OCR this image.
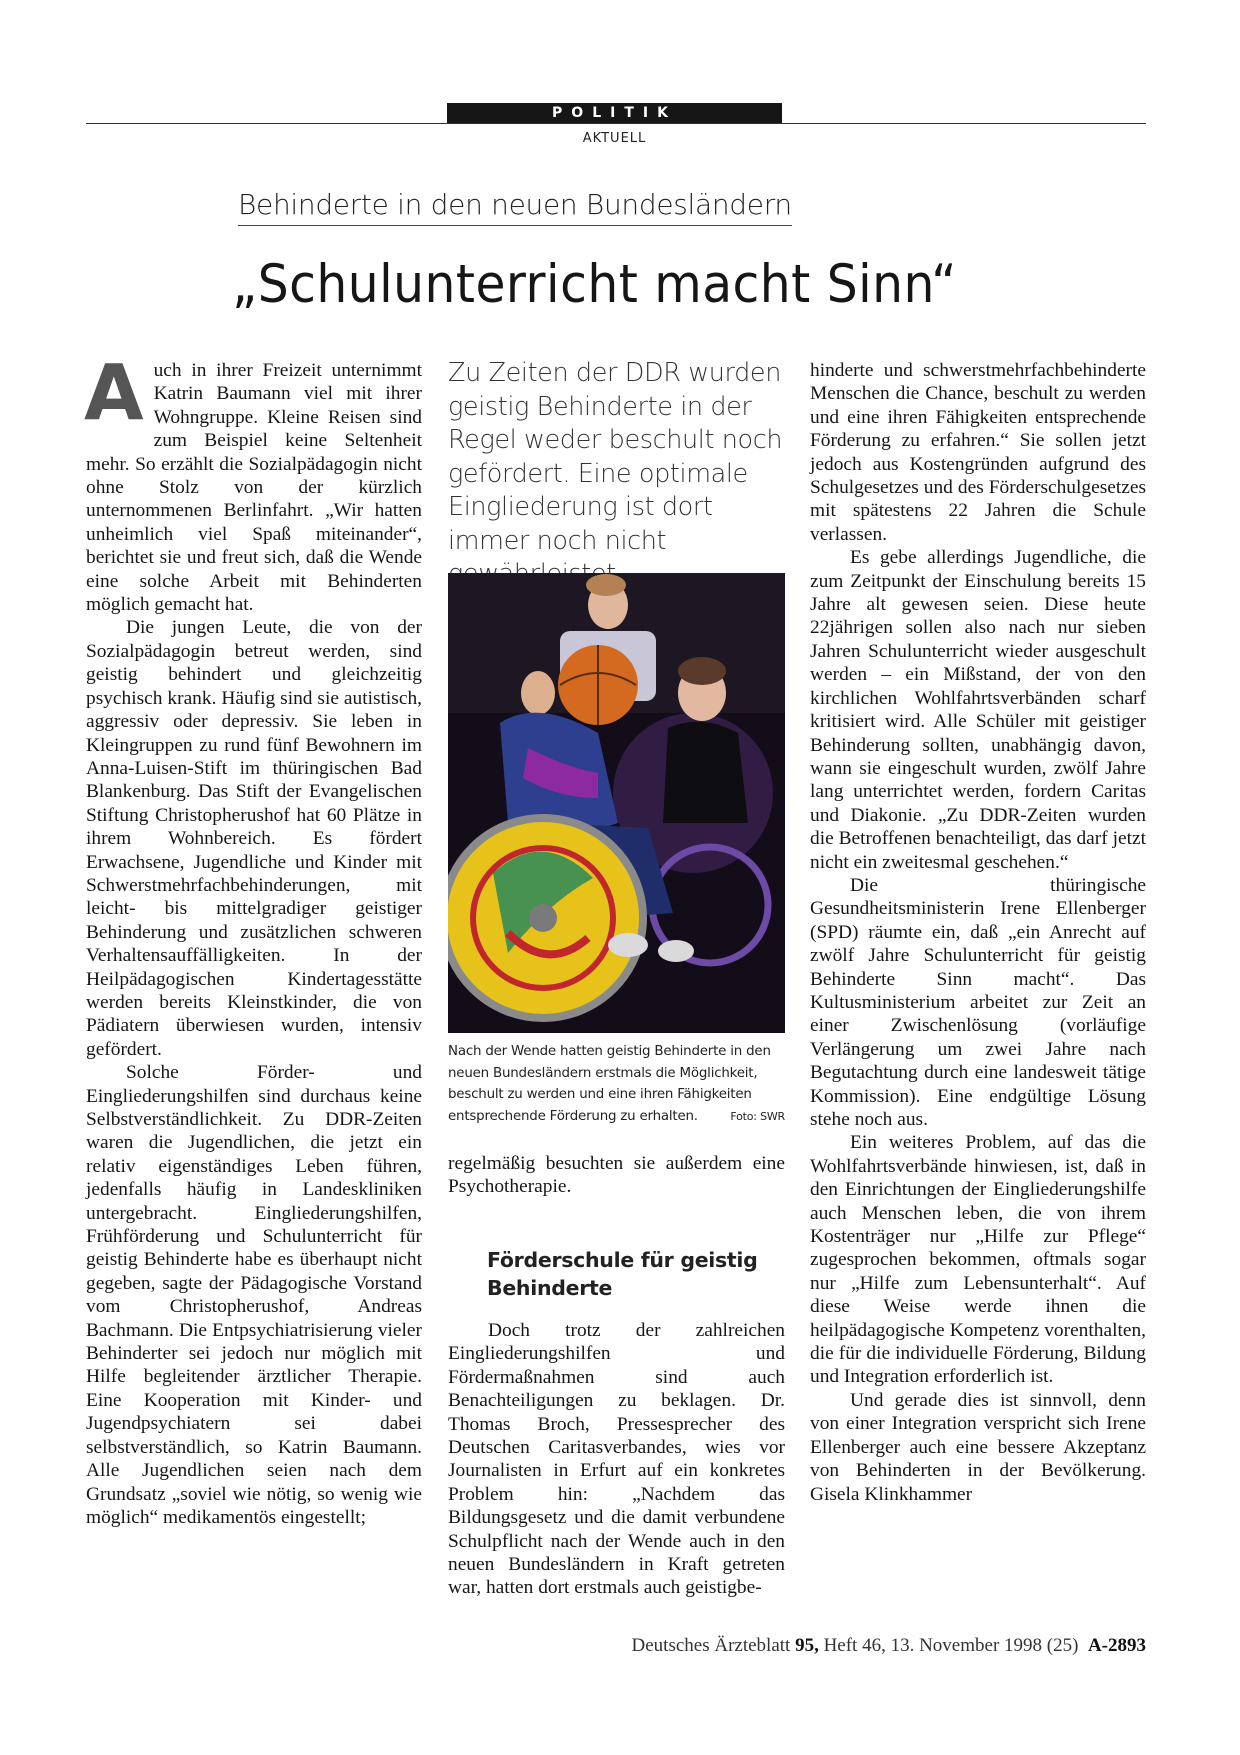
POLITIK
AKTUELL
Behinderte in den neuen Bundesländern
„Schulunterricht macht Sinn“
A uch in ihrer Freizeit unternimmt Katrin Baumann viel mit ihrer Wohngruppe. Kleine Reisen sind zum Beispiel keine Seltenheit mehr. So erzählt die Sozialpädagogin nicht ohne Stolz von der kürzlich unternommenen Berlinfahrt. „Wir hatten unheimlich viel Spaß miteinander“, berichtet sie und freut sich, daß die Wende eine solche Arbeit mit Behinderten möglich gemacht hat.

Die jungen Leute, die von der Sozialpädagogin betreut werden, sind geistig behindert und gleichzeitig psychisch krank. Häufig sind sie autistisch, aggressiv oder depressiv. Sie leben in Kleingruppen zu rund fünf Bewohnern im Anna-Luisen-Stift im thüringischen Bad Blankenburg. Das Stift der Evangelischen Stiftung Christopherushof hat 60 Plätze in ihrem Wohnbereich. Es fördert Erwachsene, Jugendliche und Kinder mit Schwerstmehrfachbehinderungen, mit leicht- bis mittelgradiger geistiger Behinderung und zusätzlichen schweren Verhaltensauffälligkeiten. In der Heilpädagogischen Kindertagesstätte werden bereits Kleinstkinder, die von Pädiatern überwiesen wurden, intensiv gefördert.

Solche Förder- und Eingliederungshilfen sind durchaus keine Selbstverständlichkeit. Zu DDR-Zeiten waren die Jugendlichen, die jetzt ein relativ eigenständiges Leben führen, jedenfalls häufig in Landeskliniken untergebracht. Eingliederungshilfen, Frühförderung und Schulunterricht für geistig Behinderte habe es überhaupt nicht gegeben, sagte der Pädagogische Vorstand vom Christopherushof, Andreas Bachmann. Die Entpsychiatrisierung vieler Behinderter sei jedoch nur möglich mit Hilfe begleitender ärztlicher Therapie. Eine Kooperation mit Kinder- und Jugendpsychiatern sei dabei selbstverständlich, so Katrin Baumann. Alle Jugendlichen seien nach dem Grundsatz „soviel wie nötig, so wenig wie möglich“ medikamentös eingestellt;

Zu Zeiten der DDR wurden geistig Behinderte in der Regel weder beschult noch gefördert. Eine optimale Eingliederung ist dort immer noch nicht
Nach der Wende hatten geistig Behinderte in den neuen Bundesländern erstmals die Möglichkeit, beschult zu werden und eine ihren Fähigkeiten entsprechende Förderung zu erhalten.	Foto: SWR

regelmäßig besuchten sie außerdem eine Psychotherapie.

Förderschule für geistig Behinderte

Doch trotz der zahlreichen Eingliederungshilfen und Fördermaßnahmen sind auch Benachteiligungen zu beklagen. Dr. Thomas Broch, Pressesprecher des Deutschen Caritasverbandes, wies vor Journalisten in Erfurt auf ein konkretes Problem hin: „Nachdem das Bildungsgesetz und die damit verbundene Schulpflicht nach der Wende auch in den neuen Bundesländern in Kraft getreten war, hatten dort erstmals auch geistigbe-

hinderte und schwerstmehrfachbehinderte Menschen die Chance, beschult zu werden und eine ihren Fähigkeiten entsprechende Förderung zu erfahren.“ Sie sollen jetzt jedoch aus Kostengründen aufgrund des Schulgesetzes und des Förderschulgesetzes mit spätestens 22 Jahren die Schule verlassen.

Es gebe allerdings Jugendliche, die zum Zeitpunkt der Einschulung bereits 15 Jahre alt gewesen seien. Diese heute 22jährigen sollen also nach nur sieben Jahren Schulunterricht wieder ausgeschult werden – ein Mißstand, der von den kirchlichen Wohlfahrtsverbänden scharf kritisiert wird. Alle Schüler mit geistiger Behinderung sollten, unabhängig davon, wann sie eingeschult wurden, zwölf Jahre lang unterrichtet werden, fordern Caritas und Diakonie. „Zu DDR-Zeiten wurden die Betroffenen benachteiligt, das darf jetzt nicht ein zweitesmal geschehen.“

Die thüringische Gesundheitsministerin Irene Ellenberger (SPD) räumte ein, daß „ein Anrecht auf zwölf Jahre Schulunterricht für geistig Behinderte Sinn macht“. Das Kultusministerium arbeitet zur Zeit an einer Zwischenlösung (vorläufige Verlängerung um zwei Jahre nach Begutachtung durch eine landesweit tätige Kommission). Eine endgültige Lösung stehe noch aus.

Ein weiteres Problem, auf das die Wohlfahrtsverbände hinwiesen, ist, daß in den Einrichtungen der Eingliederungshilfe auch Menschen leben, die von ihrem Kostenträger nur „Hilfe zur Pflege“ zugesprochen bekommen, oftmals sogar nur „Hilfe zum Lebensunterhalt“. Auf diese Weise werde ihnen die heilpädagogische Kompetenz vorenthalten, die für die individuelle Förderung, Bildung und Integration erforderlich ist.

Und gerade dies ist sinnvoll, denn von einer Integration verspricht sich Irene Ellenberger auch eine bessere Akzeptanz von Behinderten in der Bevölkerung. Gisela Klinkhammer

Deutsches Ärzteblatt 95, Heft 46, 13. November 1998 (25) A-2893
